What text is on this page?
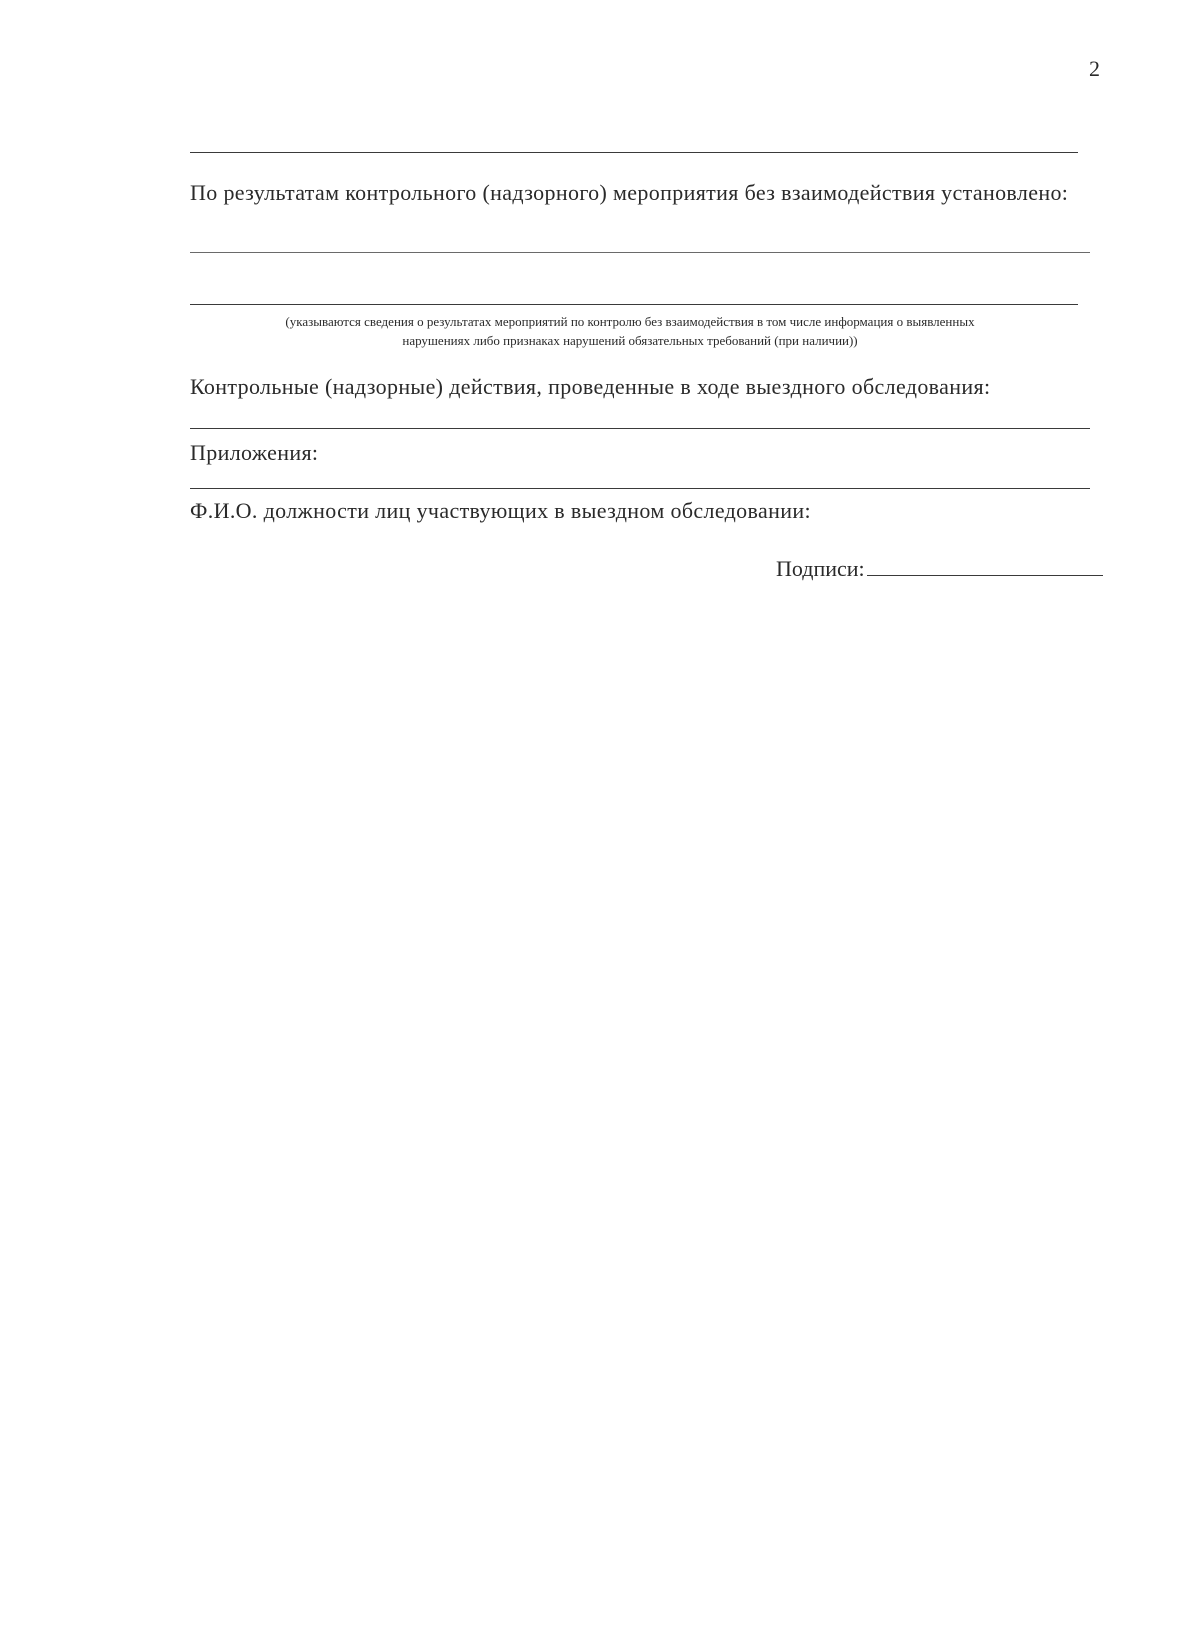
2
По результатам контрольного (надзорного) мероприятия без взаимодействия установлено:
(указываются сведения о результатах мероприятий по контролю без взаимодействия в том числе информация о выявленных
нарушениях либо признаках нарушений обязательных требований (при наличии))
Контрольные (надзорные) действия, проведенные в ходе выездного обследования:
Приложения:
Ф.И.О. должности лиц участвующих в выездном обследовании:
Подписи:
